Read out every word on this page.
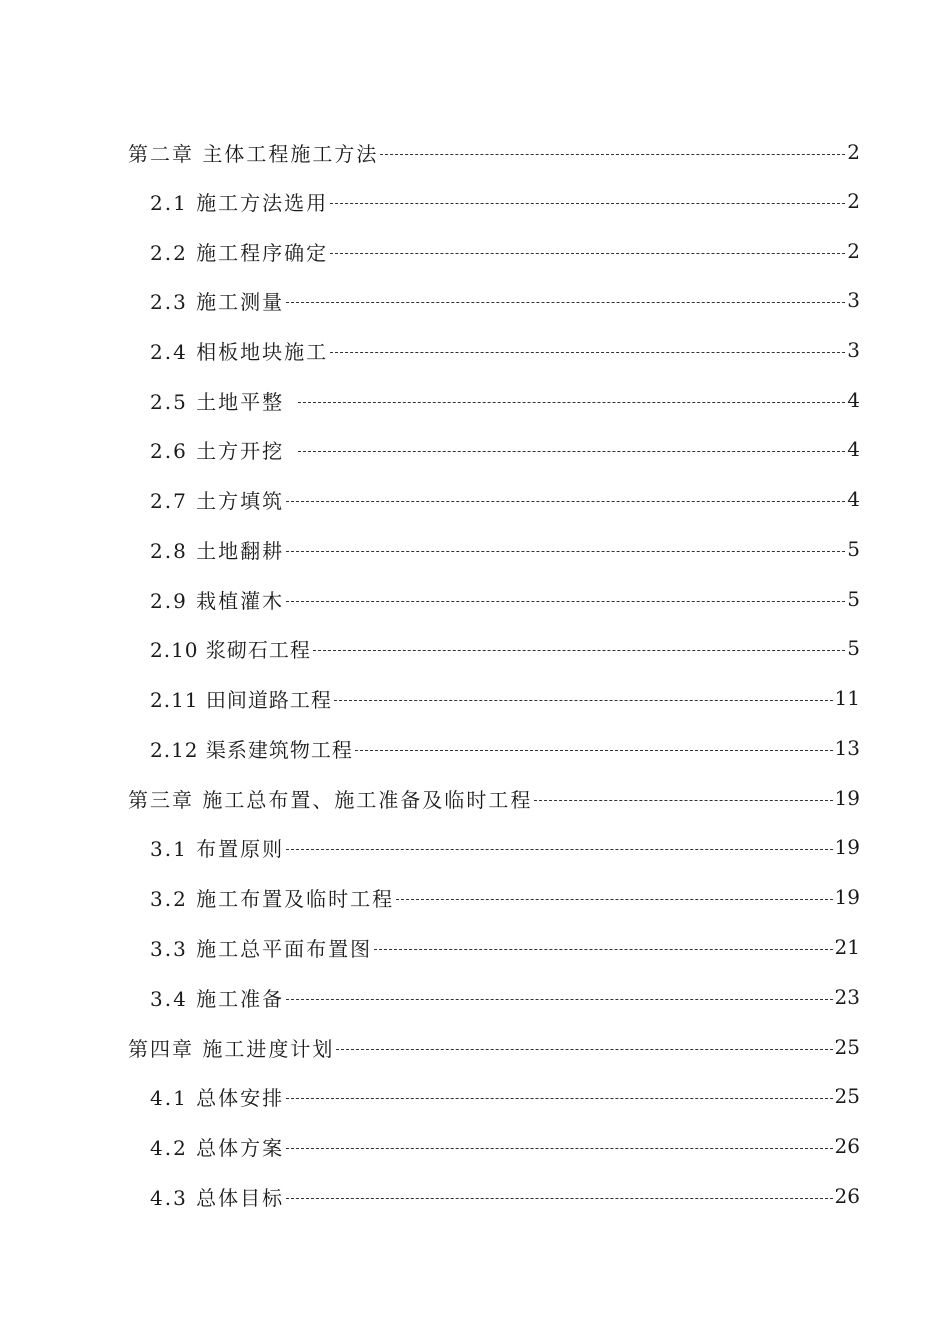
第二章 主体工程施工方法	2
2.1 施工方法选用	2
2.2 施工程序确定	2
2.3 施工测量	3
2.4 相板地块施工	3
2.5 土地平整	4
2.6 土方开挖	4
2.7 土方填筑	4
2.8 土地翻耕	5
2.9 栽植灌木	5
2.10 浆砌石工程	5
2.11 田间道路工程	11
2.12 渠系建筑物工程	13
第三章 施工总布置、施工准备及临时工程	19
3.1 布置原则	19
3.2 施工布置及临时工程	19
3.3 施工总平面布置图	21
3.4 施工准备	23
第四章 施工进度计划	25
4.1 总体安排	25
4.2 总体方案	26
4.3 总体目标	26
